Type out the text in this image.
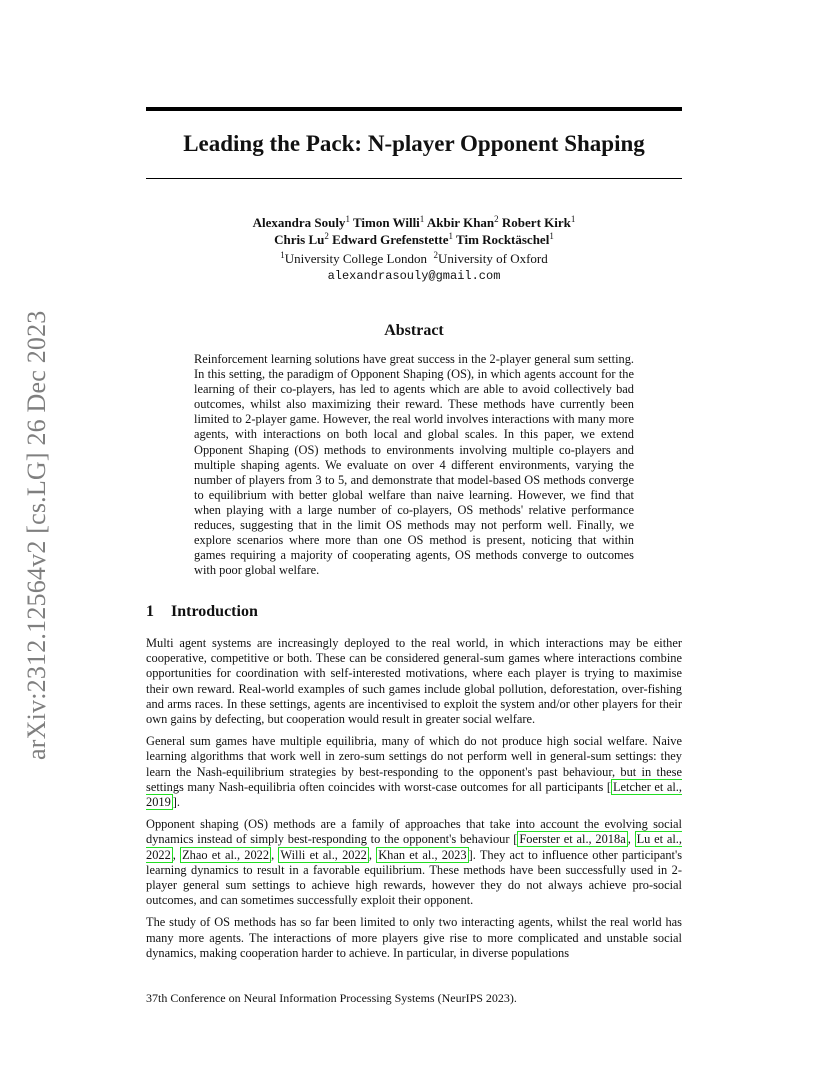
arXiv:2312.12564v2 [cs.LG] 26 Dec 2023
Leading the Pack: N-player Opponent Shaping
Alexandra Souly$^1$ Timon Willi$^1$ Akbir Khan$^2$ Robert Kirk$^1$
Chris Lu$^2$ Edward Grefenstette$^1$ Tim Rocktäschel$^1$
$^1$University College London $^2$University of Oxford
alexandrasouly@gmail.com
Abstract
Reinforcement learning solutions have great success in the 2-player general sum setting. In this setting, the paradigm of Opponent Shaping (OS), in which agents account for the learning of their co-players, has led to agents which are able to avoid collectively bad outcomes, whilst also maximizing their reward. These methods have currently been limited to 2-player game. However, the real world involves interactions with many more agents, with interactions on both local and global scales. In this paper, we extend Opponent Shaping (OS) methods to environments involving multiple co-players and multiple shaping agents. We evaluate on over 4 different environments, varying the number of players from 3 to 5, and demonstrate that model-based OS methods converge to equilibrium with better global welfare than naive learning. However, we find that when playing with a large number of co-players, OS methods' relative performance reduces, suggesting that in the limit OS methods may not perform well. Finally, we explore scenarios where more than one OS method is present, noticing that within games requiring a majority of cooperating agents, OS methods converge to outcomes with poor global welfare.
1 Introduction

Multi agent systems are increasingly deployed to the real world, in which interactions may be either cooperative, competitive or both. These can be considered general-sum games where interactions combine opportunities for coordination with self-interested motivations, where each player is trying to maximise their own reward. Real-world examples of such games include global pollution, deforestation, over-fishing and arms races. In these settings, agents are incentivised to exploit the system and/or other players for their own gains by defecting, but cooperation would result in greater social welfare.

General sum games have multiple equilibria, many of which do not produce high social welfare. Naive learning algorithms that work well in zero-sum settings do not perform well in general-sum settings: they learn the Nash-equilibrium strategies by best-responding to the opponent's past behaviour, but in these settings many Nash-equilibria often coincides with worst-case outcomes for all participants [ Letcher et al., 2019 ].

Opponent shaping (OS) methods are a family of approaches that take into account the evolving social dynamics instead of simply best-responding to the opponent's behaviour [ Foerster et al., 2018a , Lu et al., 2022 , Zhao et al., 2022 , Willi et al., 2022 , Khan et al., 2023 ]. They act to influence other participant's learning dynamics to result in a favorable equilibrium. These methods have been successfully used in 2-player general sum settings to achieve high rewards, however they do not always achieve pro-social outcomes, and can sometimes successfully exploit their opponent.

The study of OS methods has so far been limited to only two interacting agents, whilst the real world has many more agents. The interactions of more players give rise to more complicated and unstable social dynamics, making cooperation harder to achieve. In particular, in diverse populations

37th Conference on Neural Information Processing Systems (NeurIPS 2023).
